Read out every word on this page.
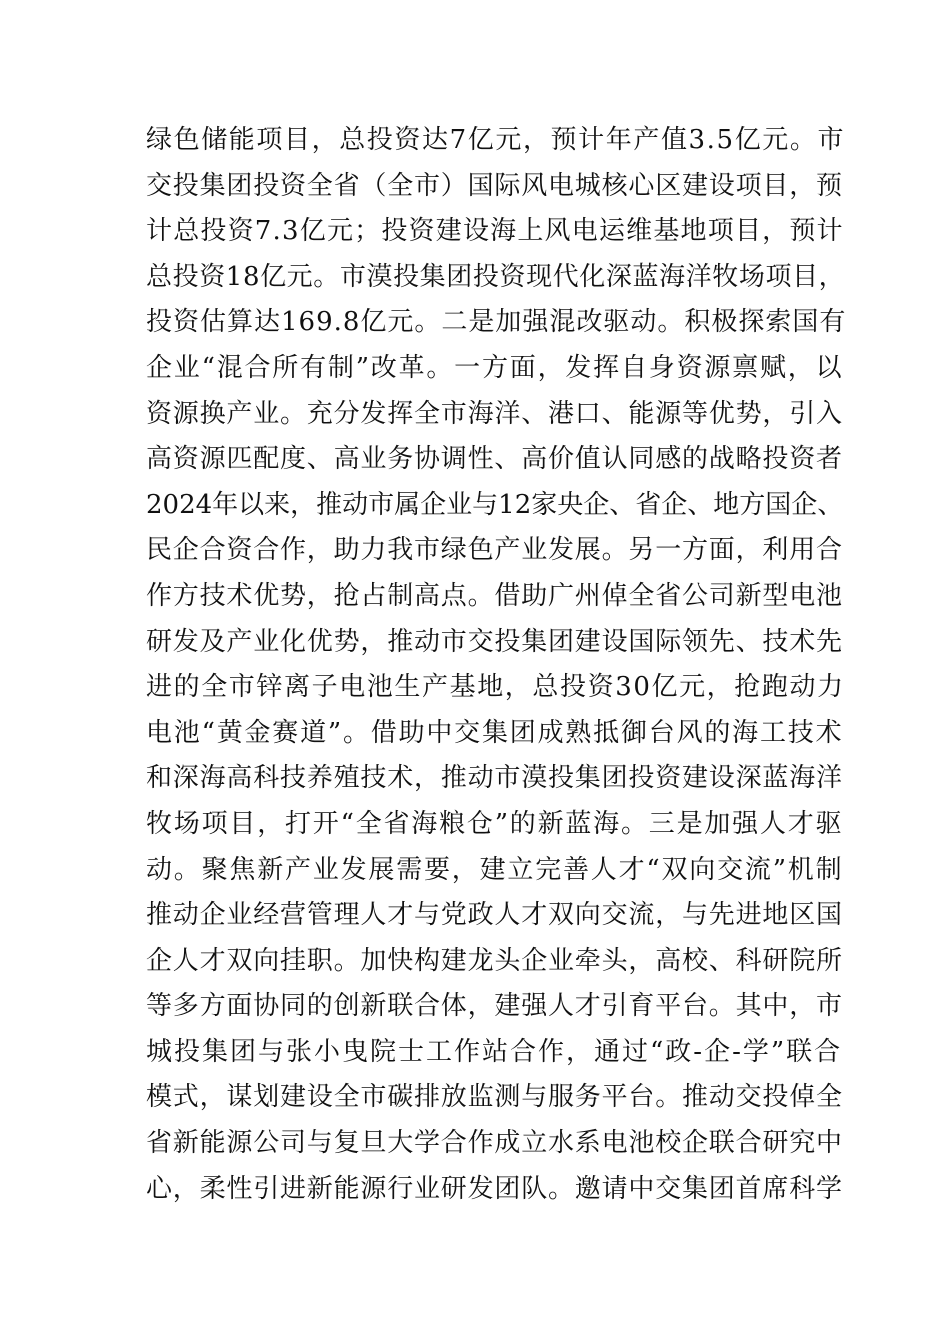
绿色储能项目，总投资达7亿元，预计年产值3.5亿元。市
交投集团投资全省（全市）国际风电城核心区建设项目，预
计总投资7.3亿元；投资建设海上风电运维基地项目，预计
总投资18亿元。市漠投集团投资现代化深蓝海洋牧场项目，
投资估算达169.8亿元。二是加强混改驱动。积极探索国有
企业“混合所有制”改革。一方面，发挥自身资源禀赋，以
资源换产业。充分发挥全市海洋、港口、能源等优势，引入
高资源匹配度、高业务协调性、高价值认同感的战略投资者
2024年以来，推动市属企业与12家央企、省企、地方国企、
民企合资合作，助力我市绿色产业发展。另一方面，利用合
作方技术优势，抢占制高点。借助广州倬全省公司新型电池
研发及产业化优势，推动市交投集团建设国际领先、技术先
进的全市锌离子电池生产基地，总投资30亿元，抢跑动力
电池“黄金赛道”。借助中交集团成熟抵御台风的海工技术
和深海高科技养殖技术，推动市漠投集团投资建设深蓝海洋
牧场项目，打开“全省海粮仓”的新蓝海。三是加强人才驱
动。聚焦新产业发展需要，建立完善人才“双向交流”机制
推动企业经营管理人才与党政人才双向交流，与先进地区国
企人才双向挂职。加快构建龙头企业牵头，高校、科研院所
等多方面协同的创新联合体，建强人才引育平台。其中，市
城投集团与张小曳院士工作站合作，通过“政-企-学”联合
模式，谋划建设全市碳排放监测与服务平台。推动交投倬全
省新能源公司与复旦大学合作成立水系电池校企联合研究中
心，柔性引进新能源行业研发团队。邀请中交集团首席科学
